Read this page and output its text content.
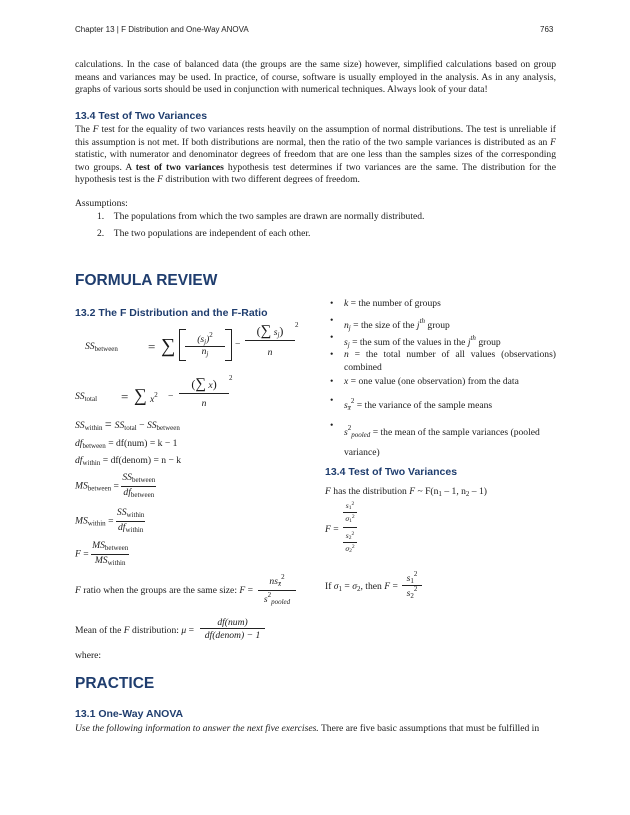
Chapter 13 | F Distribution and One-Way ANOVA	763
calculations. In the case of balanced data (the groups are the same size) however, simplified calculations based on group means and variances may be used. In practice, of course, software is usually employed in the analysis. As in any analysis, graphs of various sorts should be used in conjunction with numerical techniques. Always look of your data!
13.4 Test of Two Variances
The F test for the equality of two variances rests heavily on the assumption of normal distributions. The test is unreliable if this assumption is not met. If both distributions are normal, then the ratio of the two sample variances is distributed as an F statistic, with numerator and denominator degrees of freedom that are one less than the samples sizes of the corresponding two groups. A test of two variances hypothesis test determines if two variances are the same. The distribution for the hypothesis test is the F distribution with two different degrees of freedom.
Assumptions:
1.    The populations from which the two samples are drawn are normally distributed.
2.    The two populations are independent of each other.
FORMULA REVIEW
13.2 The F Distribution and the F-Ratio
$SS_{between}$ = ∑	$(s_j)^2$
$n_j$
−
(∑ $s_j$)	2
n
$SS_{total}$ = ∑ $x^2$ −
(∑ x)	2
n
$SS_{within} = SS_{total} - SS_{between}$
$df_{between} = df(num) = k - 1$
$df_{within}$ = df(denom) = n − k
$MS_{between} = \frac{SS_{between}}{df_{between}}$
$MS_{within} = \frac{SS_{within}}{df_{within}}$
$F = \frac{MS_{between}}{MS_{within}}$
F ratio when the groups are the same size: F =
$ns_{x̄}^2$
$s^2_{pooled}$
Mean of the F distribution: μ =
df(num)
df(denom) − 1
where:
• k = the number of groups
• $n_j$ = the size of the $j^{th}$ group
• $s_j$ = the sum of the values in the $j^{th}$ group
• n = the total number of all values (observations) combined
• x = one value (one observation) from the data
• $s_{x̄}^2$ = the variance of the sample means
•
$s^2_{pooled}$ = the mean of the sample variances (pooled variance)
13.4 Test of Two Variances
F has the distribution F ~ $F(n_1 - 1$, $n_2 - 1$)
F =
$s1^2$
$\sigma 1^2$
$s2^2$
$\sigma 2^2$
If $\sigma_1 = \sigma_2$, then F =
$s_1^2$
$s_2^2$
PRACTICE
13.1 One-Way ANOVA
Use the following information to answer the next five exercises. There are five basic assumptions that must be fulfilled in
